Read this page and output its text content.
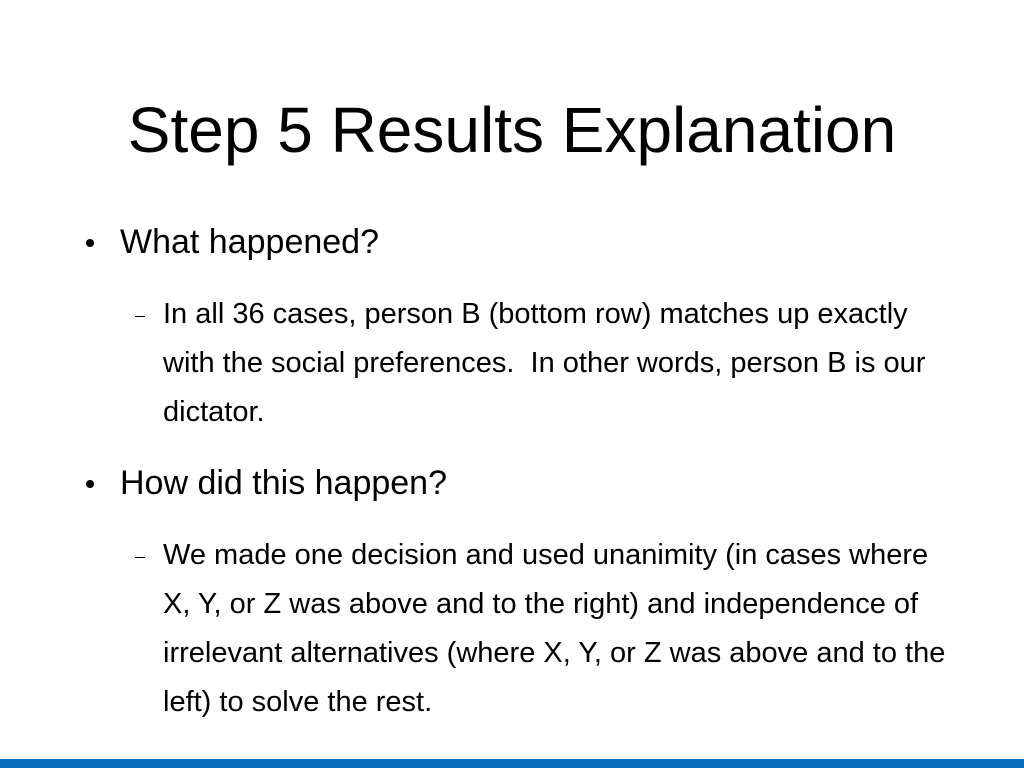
Step 5 Results Explanation
What happened?
In all 36 cases, person B (bottom row) matches up exactly with the social preferences.  In other words, person B is our dictator.
How did this happen?
We made one decision and used unanimity (in cases where X, Y, or Z was above and to the right) and independence of irrelevant alternatives (where X, Y, or Z was above and to the left) to solve the rest.
